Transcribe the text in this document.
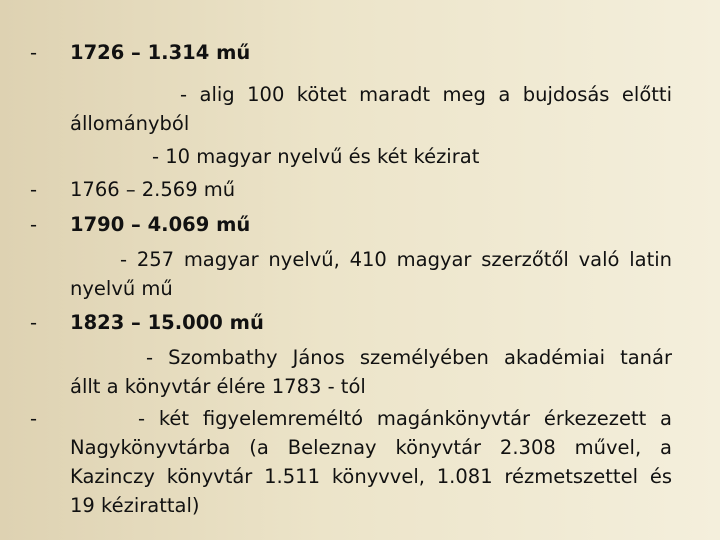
- 1726 – 1.314 mű
- alig 100 kötet maradt meg a bujdosás előtti
állományból
- 10 magyar nyelvű és két kézirat
- 1766 – 2.569 mű
- 1790 – 4.069 mű
- 257 magyar nyelvű, 410 magyar szerzőtől való latin
nyelvű mű
- 1823 – 15.000 mű
- Szombathy János személyében akadémiai tanár
állt a könyvtár élére 1783 - tól
-	- két figyelemreméltó magánkönyvtár érkezezett a
Nagykönyvtárba (a Beleznay könyvtár 2.308 művel, a
Kazinczy könyvtár 1.511 könyvvel, 1.081 rézmetszettel és
19 kézirattal)
